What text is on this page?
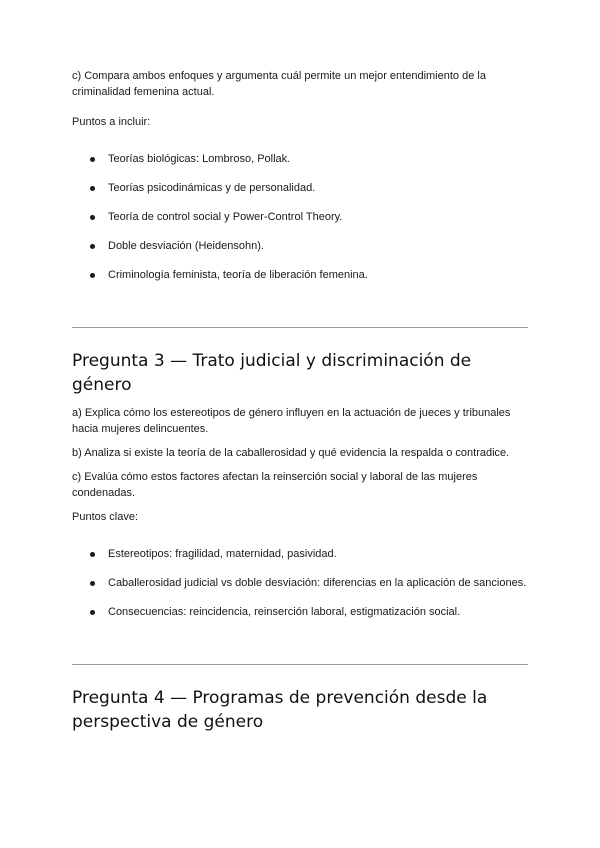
c) Compara ambos enfoques y argumenta cuál permite un mejor entendimiento de la criminalidad femenina actual.

Puntos a incluir:

Teorías biológicas: Lombroso, Pollak.
Teorías psicodinámicas y de personalidad.
Teoría de control social y Power-Control Theory.
Doble desviación (Heidensohn).
Criminología feminista, teoría de liberación femenina.
Pregunta 3 — Trato judicial y discriminación de género

a) Explica cómo los estereotipos de género influyen en la actuación de jueces y tribunales hacia mujeres delincuentes.

b) Analiza si existe la teoría de la caballerosidad y qué evidencia la respalda o contradice.

c) Evalúa cómo estos factores afectan la reinserción social y laboral de las mujeres condenadas.

Puntos clave:

Estereotipos: fragilidad, maternidad, pasividad.
Caballerosidad judicial vs doble desviación: diferencias en la aplicación de sanciones.
Consecuencias: reincidencia, reinserción laboral, estigmatización social.
Pregunta 4 — Programas de prevención desde la perspectiva de género
